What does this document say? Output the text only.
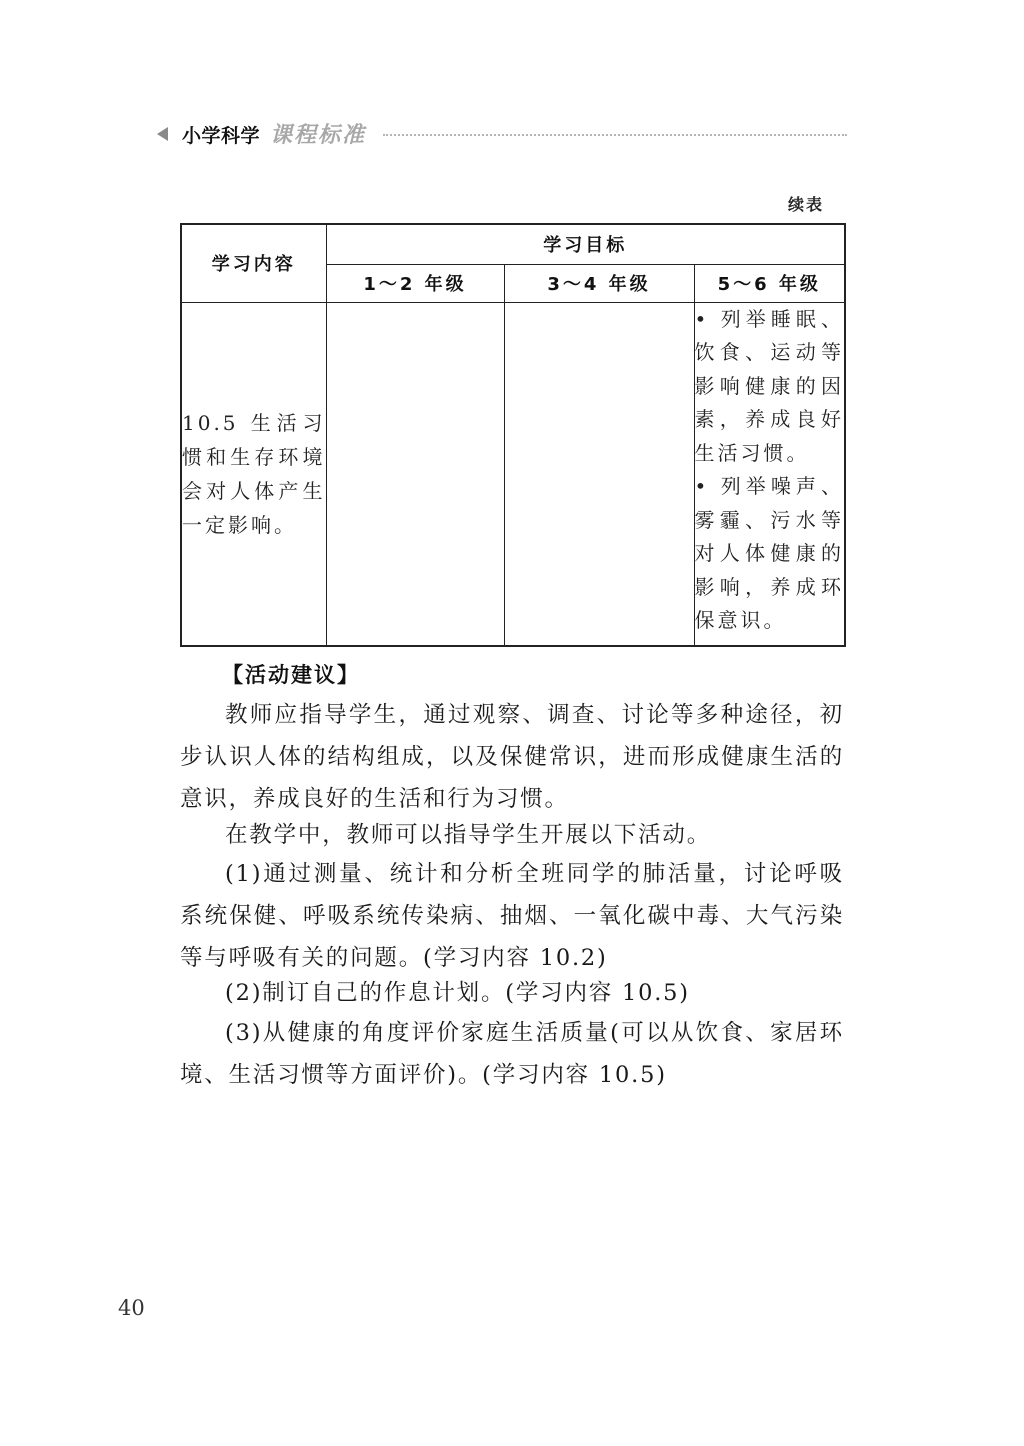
小学科学 课程标准
续表
学习内容	学习目标		
	1～2 年级	3～4 年级	5～6 年级
10.5 生活习惯和生存环境会对人体产生一定影响。			• 列举睡眠、饮食、运动等影响健康的因素，养成良好生活习惯。
• 列举噪声、雾霾、污水等对人体健康的影响，养成环保意识。
【活动建议】

教师应指导学生，通过观察、调查、讨论等多种途径，初步认识人体的结构组成，以及保健常识，进而形成健康生活的意识，养成良好的生活和行为习惯。

在教学中，教师可以指导学生开展以下活动。

(1)通过测量、统计和分析全班同学的肺活量，讨论呼吸系统保健、呼吸系统传染病、抽烟、一氧化碳中毒、大气污染等与呼吸有关的问题。(学习内容 10.2)

(2)制订自己的作息计划。(学习内容 10.5)

(3)从健康的角度评价家庭生活质量(可以从饮食、家居环境、生活习惯等方面评价)。(学习内容 10.5)

40
